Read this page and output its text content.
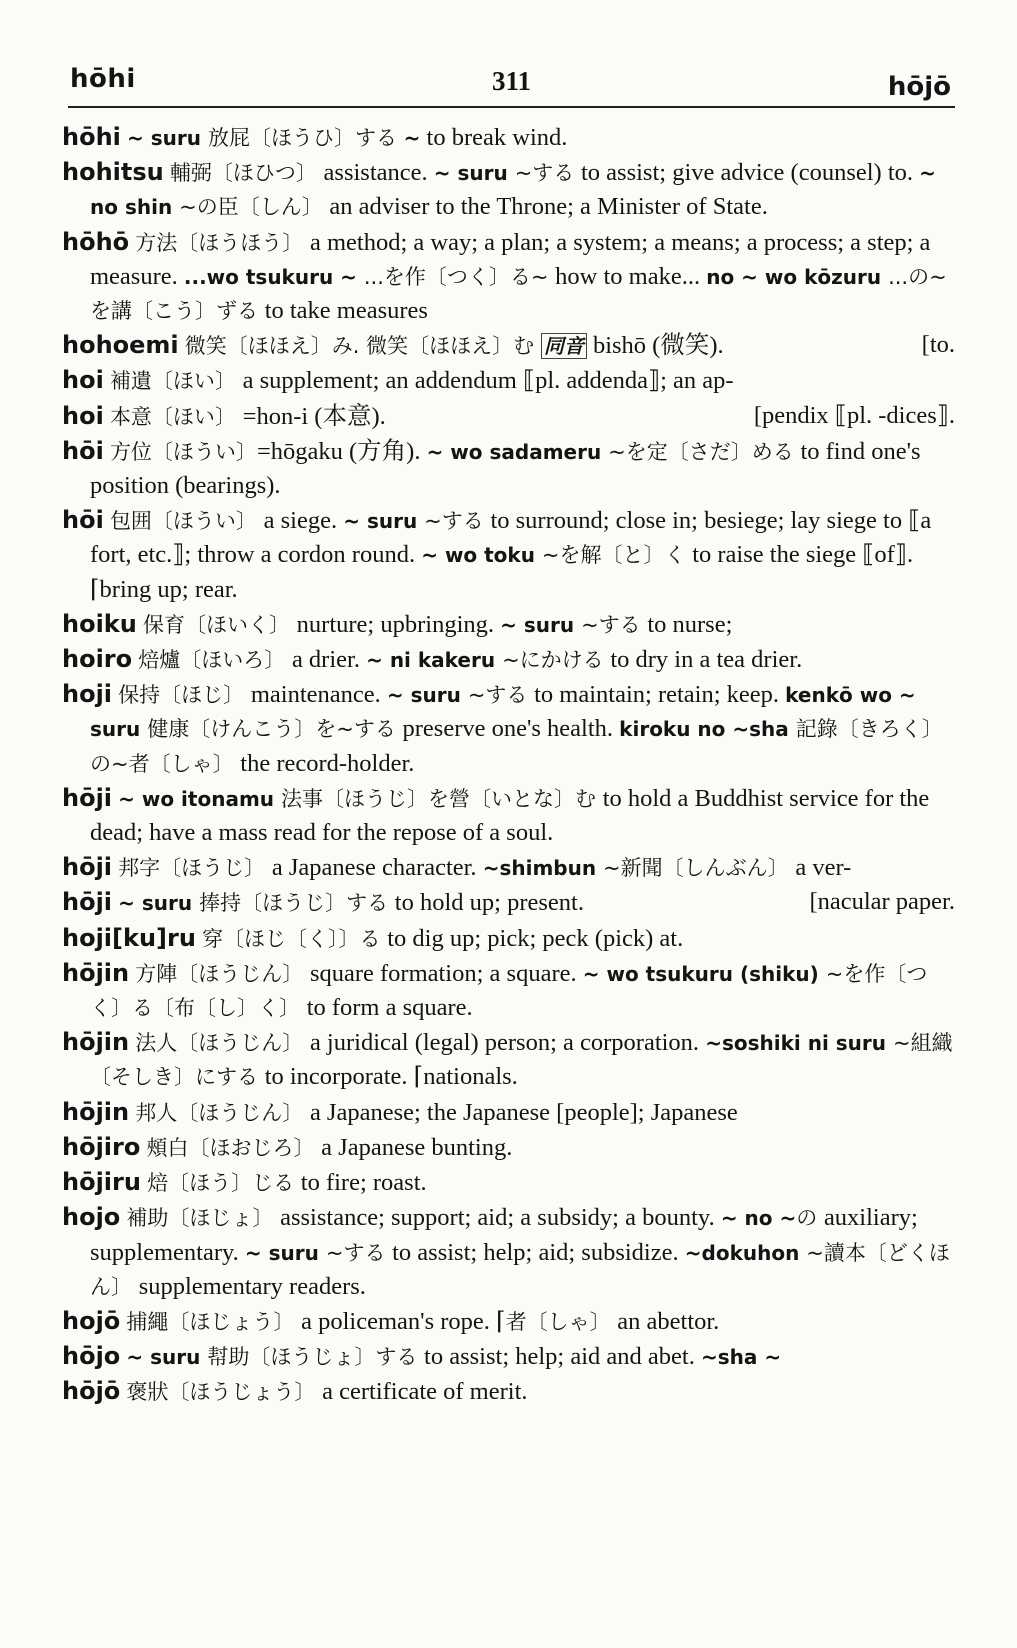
hōhi	311	hōjō

hōhi ~ suru 放屁〔ほうひ〕する ~ to break wind.

hohitsu 輔弼〔ほひつ〕 assistance. ~ suru ~する to assist; give advice (counsel) to. ~ no shin ~の臣〔しん〕 an adviser to the Throne; a Minister of State.

hōhō 方法〔ほうほう〕 a method; a way; a plan; a system; a means; a process; a step; a measure. ...wo tsukuru ~ ...を作〔つく〕る~ how to make... no ~ wo kōzuru ...の~を講〔こう〕ずる to take measures

[to.
hohoemi 微笑〔ほほえ〕み. 微笑〔ほほえ〕む 同音 bishō (微笑).

hoi 補遺〔ほい〕 a supplement; an addendum ⟦pl. addenda⟧; an ap-

[pendix ⟦pl. -dices⟧.
hoi 本意〔ほい〕 =hon-i (本意).

hōi 方位〔ほうい〕=hōgaku (方角). ~ wo sadameru ~を定〔さだ〕める to find one's position (bearings).

hōi 包囲〔ほうい〕 a siege. ~ suru ~する to surround; close in; besiege; lay siege to ⟦a fort, etc.⟧; throw a cordon round. ~ wo toku ~を解〔と〕く to raise the siege ⟦of⟧. ⌈bring up; rear.

hoiku 保育〔ほいく〕 nurture; upbringing. ~ suru ~する to nurse;

hoiro 焙爐〔ほいろ〕 a drier. ~ ni kakeru ~にかける to dry in a tea drier.

hoji 保持〔ほじ〕 maintenance. ~ suru ~する to maintain; retain; keep. kenkō wo ~ suru 健康〔けんこう〕を~する preserve one's health. kiroku no ~sha 記錄〔きろく〕の~者〔しゃ〕 the record-holder.

hōji ~ wo itonamu 法事〔ほうじ〕を營〔いとな〕む to hold a Buddhist service for the dead; have a mass read for the repose of a soul.

hōji 邦字〔ほうじ〕 a Japanese character. ~shimbun ~新聞〔しんぶん〕 a ver-

[nacular paper.
hōji ~ suru 捧持〔ほうじ〕する to hold up; present.

hoji[ku]ru 穿〔ほじ〔く〕〕る to dig up; pick; peck (pick) at.

hōjin 方陣〔ほうじん〕 square formation; a square. ~ wo tsukuru (shiku) ~を作〔つく〕る〔布〔し〕く〕 to form a square.

hōjin 法人〔ほうじん〕 a juridical (legal) person; a corporation. ~soshiki ni suru ~組織〔そしき〕にする to incorporate. ⌈nationals.

hōjin 邦人〔ほうじん〕 a Japanese; the Japanese [people]; Japanese

hōjiro 頰白〔ほおじろ〕 a Japanese bunting.

hōjiru 焙〔ほう〕じる to fire; roast.

hojo 補助〔ほじょ〕 assistance; support; aid; a subsidy; a bounty. ~ no ~の auxiliary; supplementary. ~ suru ~する to assist; help; aid; subsidize. ~dokuhon ~讀本〔どくほん〕 supplementary readers.

hojō 捕繩〔ほじょう〕 a policeman's rope. ⌈者〔しゃ〕 an abettor.

hōjo ~ suru 幇助〔ほうじょ〕する to assist; help; aid and abet. ~sha ~

hōjō 褒狀〔ほうじょう〕 a certificate of merit.
